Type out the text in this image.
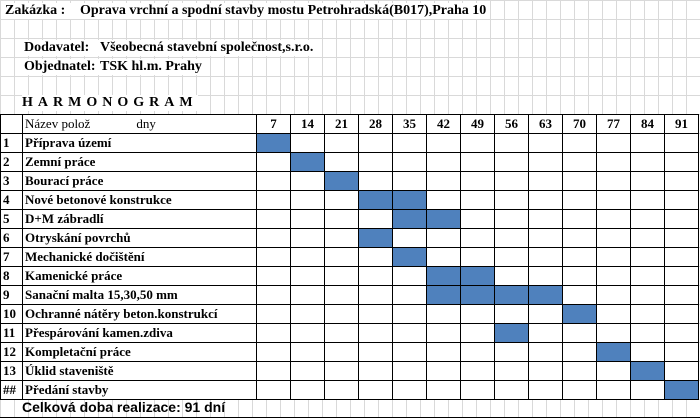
Zakázka : Oprava vrchní a spodní stavby mostu Petrohradská(B017),Praha 10
Dodavatel: Všeobecná stavební společnost,s.r.o.
Objednatel: TSK hl.m. Prahy
HARMONOGRAM
	Název polož dny	7	14	21	28	35	42	49	56	63	70	77	84	91
1	Příprava území													
2	Zemní práce													
3	Bourací práce													
4	Nové betonové konstrukce													
5	D+M zábradlí													
6	Otryskání povrchů													
7	Mechanické dočištění													
8	Kamenické práce													
9	Sanační malta 15,30,50 mm													
10	Ochranné nátěry beton.konstrukcí													
11	Přespárování kamen.zdiva													
12	Kompletační práce													
13	Úklid staveniště													
##	Předání stavby													
Celková doba realizace: 91 dní
